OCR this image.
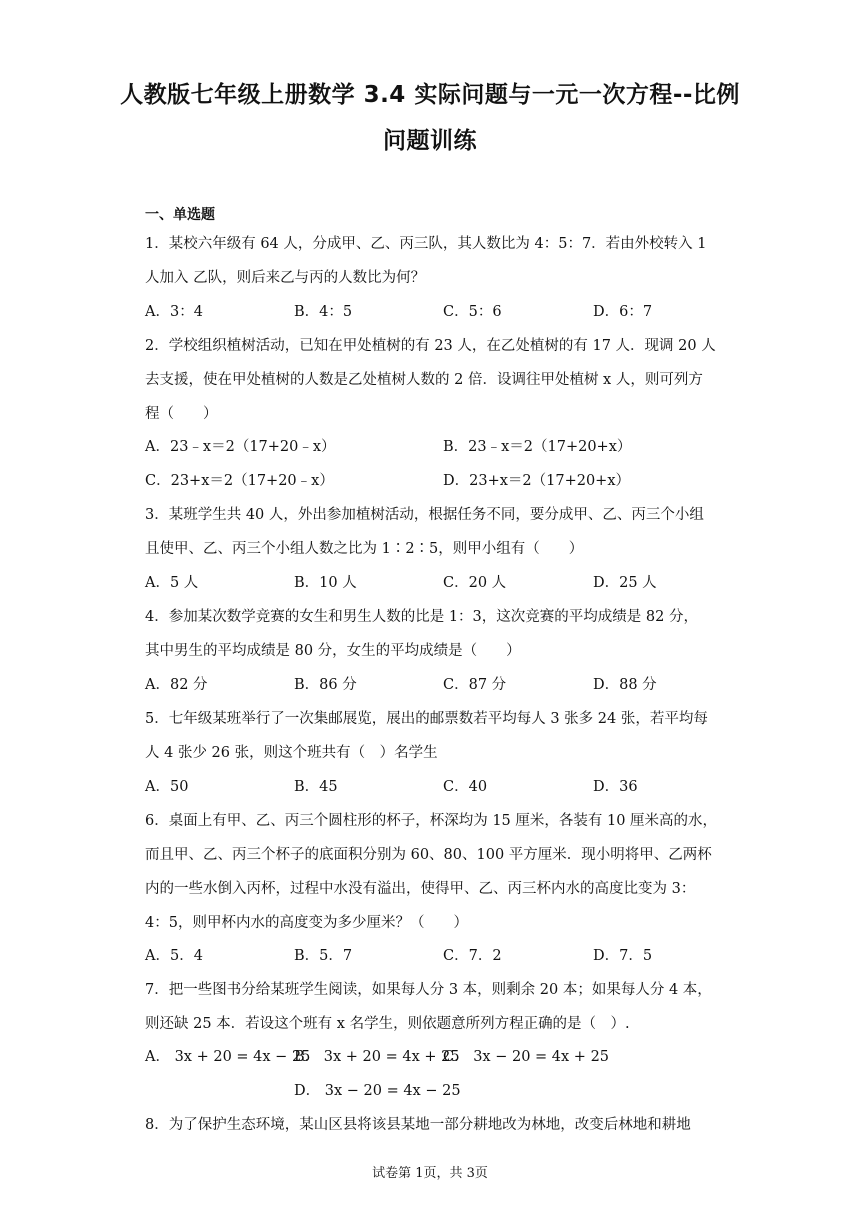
人教版七年级上册数学 3.4 实际问题与一元一次方程--比例
问题训练
一、单选题
1．某校六年级有 64 人，分成甲、乙、丙三队，其人数比为 4：5：7．若由外校转入 1
人加入 乙队，则后来乙与丙的人数比为何？
A．3：4	B．4：5	C．5：6	D．6：7
2．学校组织植树活动，已知在甲处植树的有 23 人，在乙处植树的有 17 人．现调 20 人
去支援，使在甲处植树的人数是乙处植树人数的 2 倍．设调往甲处植树 x 人，则可列方
程（　　）
A．23﹣x＝2（17+20﹣x）	B．23﹣x＝2（17+20+x）
C．23+x＝2（17+20﹣x）	D．23+x＝2（17+20+x）
3．某班学生共 40 人，外出参加植树活动，根据任务不同，要分成甲、乙、丙三个小组
且使甲、乙、丙三个小组人数之比为 1∶2∶5，则甲小组有（　　）
A．5 人	B．10 人	C．20 人	D．25 人
4．参加某次数学竞赛的女生和男生人数的比是 1：3，这次竞赛的平均成绩是 82 分，
其中男生的平均成绩是 80 分，女生的平均成绩是（　　）
A．82 分	B．86 分	C．87 分	D．88 分
5．七年级某班举行了一次集邮展览，展出的邮票数若平均每人 3 张多 24 张，若平均每
人 4 张少 26 张，则这个班共有（　）名学生
A．50	B．45	C．40	D．36
6．桌面上有甲、乙、丙三个圆柱形的杯子，杯深均为 15 厘米，各装有 10 厘米高的水，
而且甲、乙、丙三个杯子的底面积分别为 60、80、100 平方厘米．现小明将甲、乙两杯
内的一些水倒入丙杯，过程中水没有溢出，使得甲、乙、丙三杯内水的高度比变为 3：
4：5，则甲杯内水的高度变为多少厘米？（　　）
A．5．4	B．5．7	C．7．2	D．7．5
7．把一些图书分给某班学生阅读，如果每人分 3 本，则剩余 20 本；如果每人分 4 本，
则还缺 25 本．若设这个班有 x 名学生，则依题意所列方程正确的是（　）.
A． 3x + 20 = 4x − 25
B． 3x + 20 = 4x + 25
C． 3x − 20 = 4x + 25
D． 3x − 20 = 4x − 25
8．为了保护生态环境，某山区县将该县某地一部分耕地改为林地，改变后林地和耕地
试卷第 1页，共 3页
